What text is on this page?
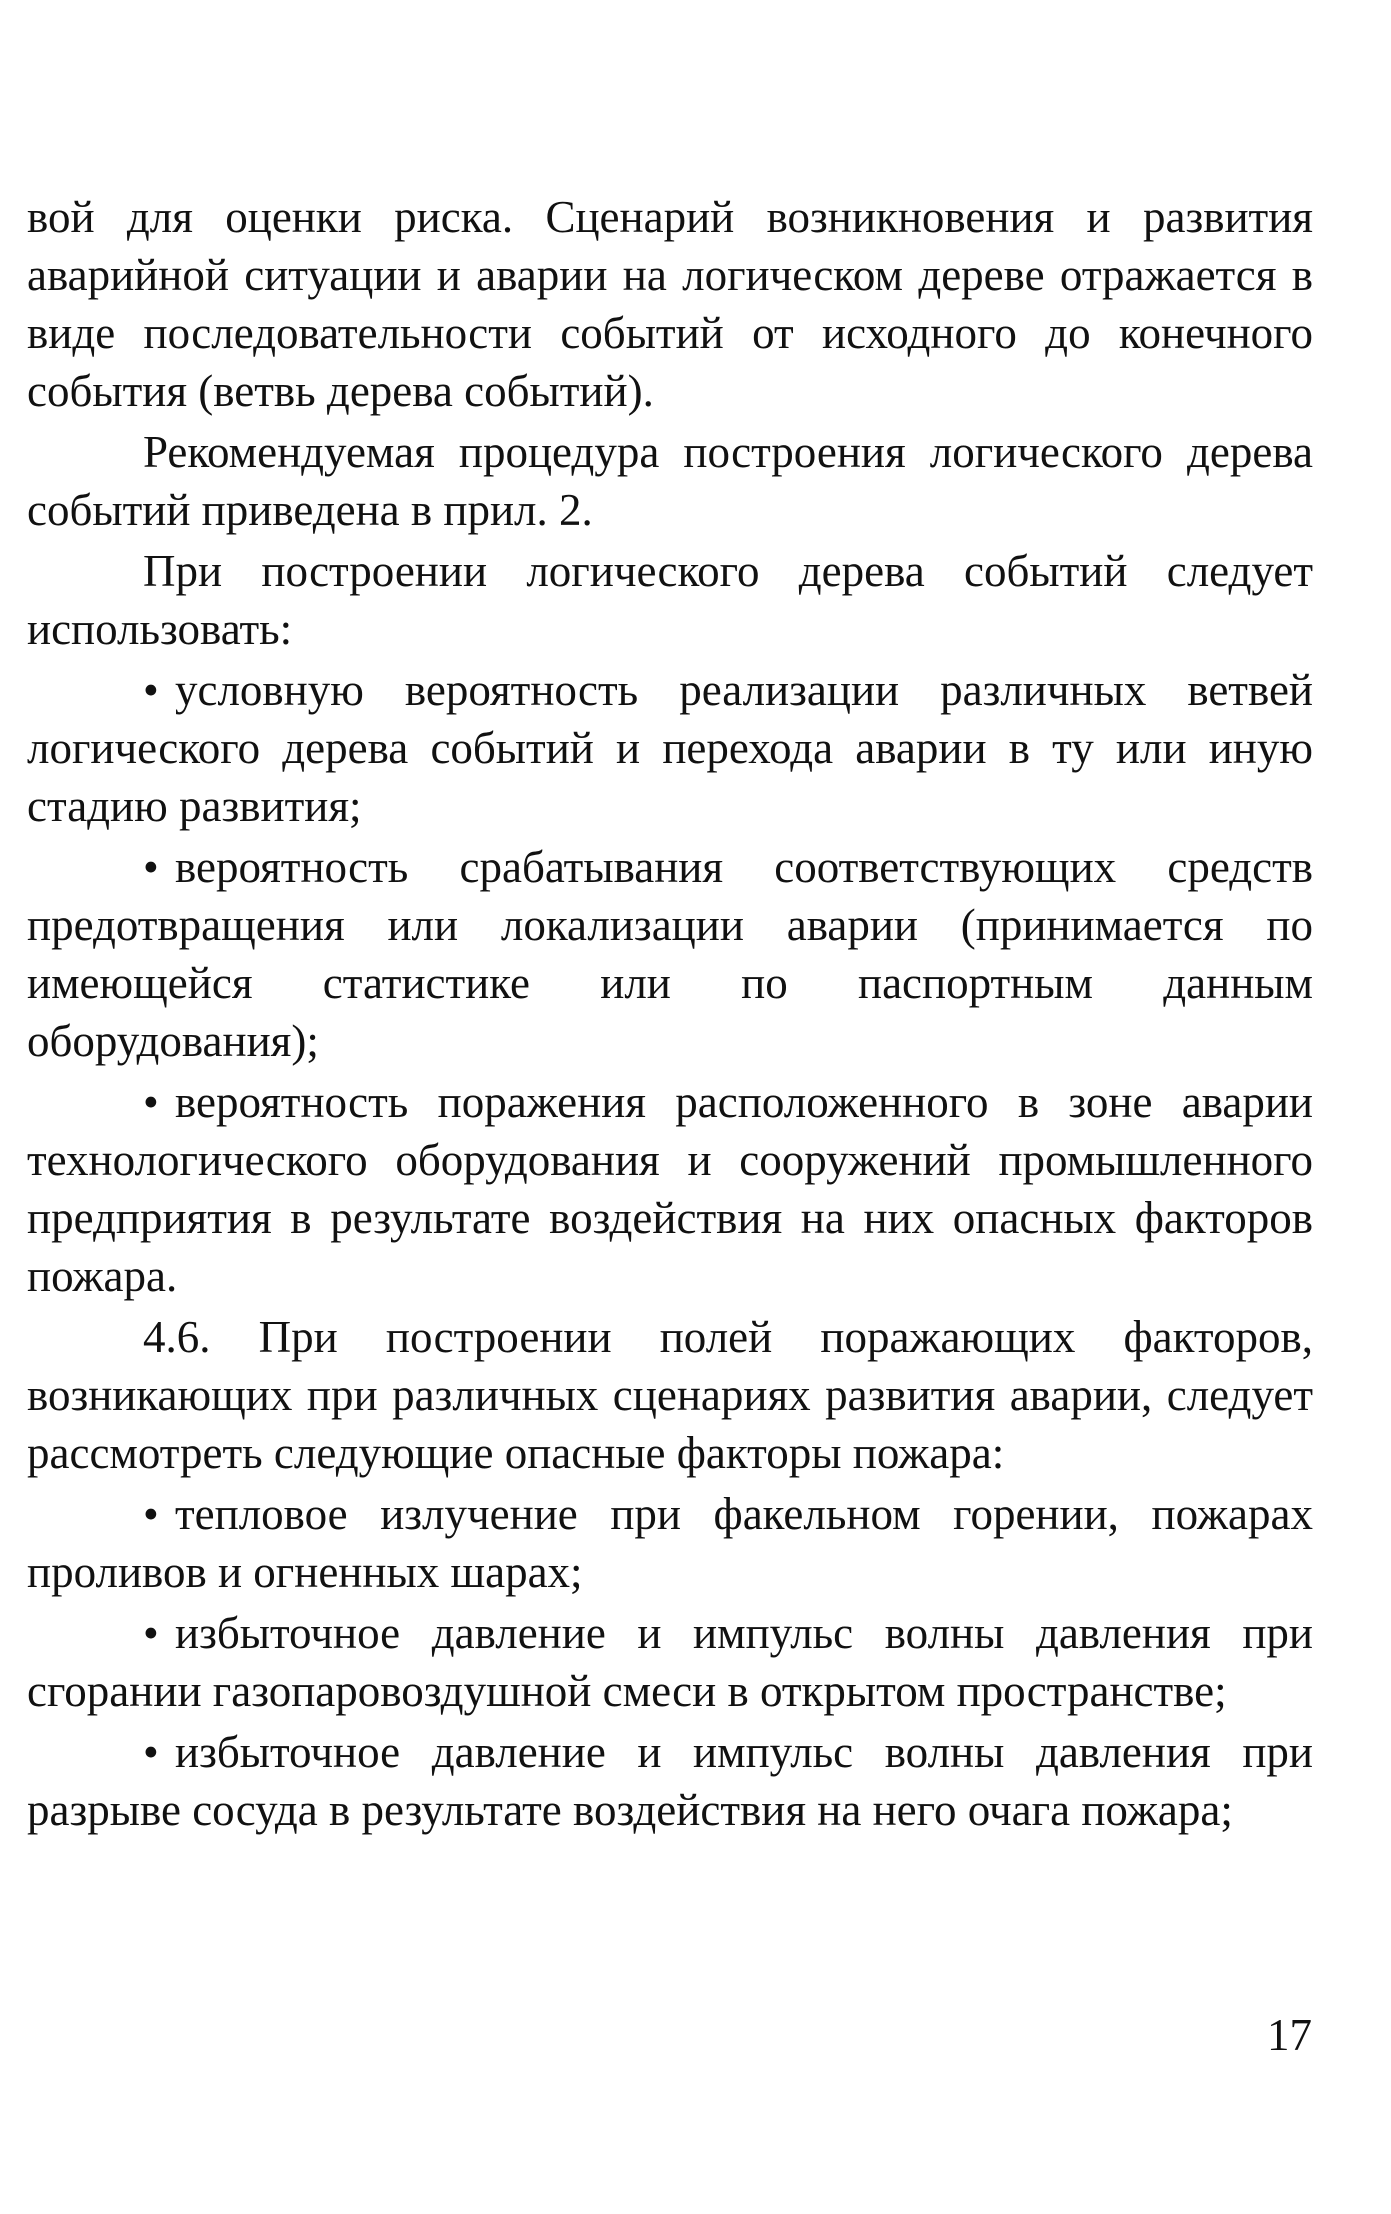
вой для оценки риска. Сценарий возникновения и развития аварийной ситуации и аварии на логическом дереве отражается в виде последовательности событий от исходного до конечного события (ветвь дерева событий).

Рекомендуемая процедура построения логического дерева событий приведена в прил. 2.

При построении логического дерева событий следует использовать:

• условную вероятность реализации различных ветвей логического дерева событий и перехода аварии в ту или иную стадию развития;

• вероятность срабатывания соответствующих средств предотвращения или локализации аварии (принимается по имеющейся статистике или по паспортным данным оборудования);

• вероятность поражения расположенного в зоне аварии технологического оборудования и сооружений промышленного предприятия в результате воздействия на них опасных факторов пожара.

4.6. При построении полей поражающих факторов, возникающих при различных сценариях развития аварии, следует рассмотреть следующие опасные факторы пожара:

• тепловое излучение при факельном горении, пожарах проливов и огненных шарах;

• избыточное давление и импульс волны давления при сгорании газопаровоздушной смеси в открытом пространстве;

• избыточное давление и импульс волны давления при разрыве сосуда в результате воздействия на него очага пожара;

17
